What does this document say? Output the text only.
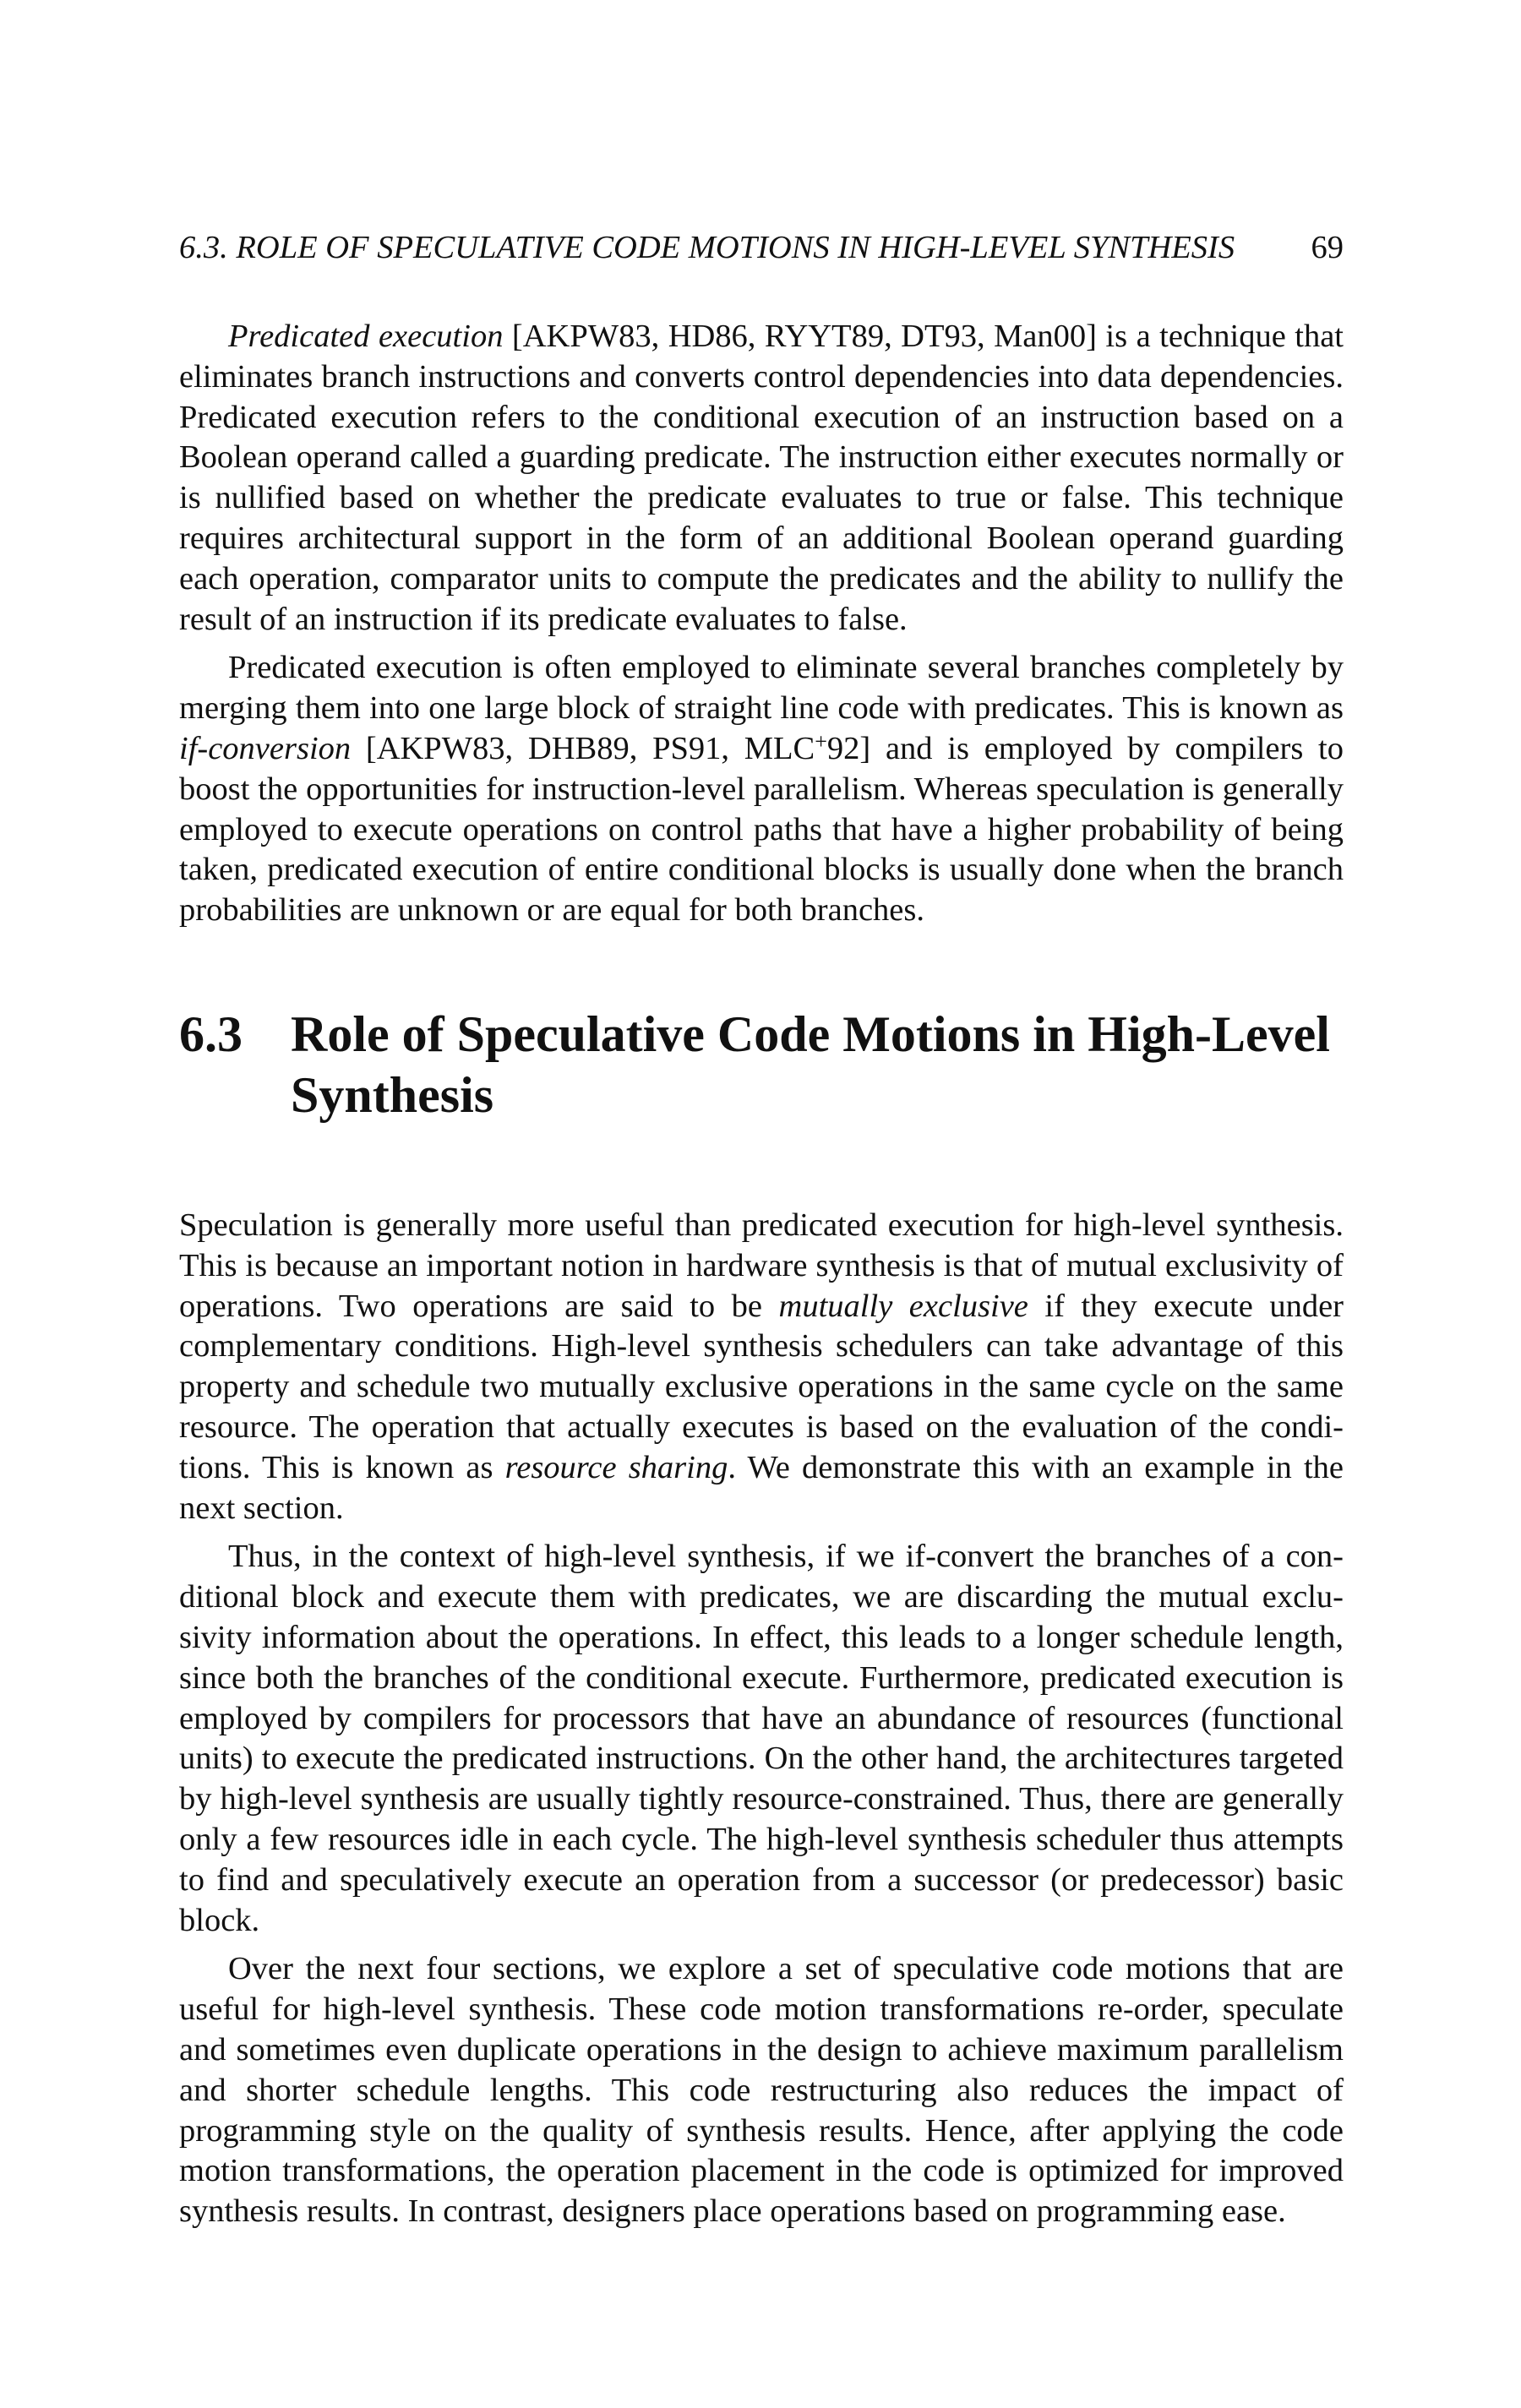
6.3. ROLE OF SPECULATIVE CODE MOTIONS IN HIGH-LEVEL SYNTHESIS 69

Predicated execution [AKPW83, HD86, RYYT89, DT93, Man00] is a technique that eliminates branch instructions and converts control dependencies into data dependencies. Predicated execution refers to the conditional execution of an instruction based on a Boolean operand called a guarding predicate. The instruction either executes normally or is nullified based on whether the predicate evaluates to true or false. This technique requires architectural support in the form of an additional Boolean operand guarding each operation, comparator units to compute the predicates and the ability to nullify the result of an instruction if its predicate evaluates to false.

Predicated execution is often employed to eliminate several branches completely by merging them into one large block of straight line code with predicates. This is known as if-conversion [AKPW83, DHB89, PS91, MLC+92] and is employed by compilers to boost the opportunities for instruction-level parallelism. Whereas speculation is generally employed to execute operations on control paths that have a higher probability of being taken, predicated execution of entire conditional blocks is usually done when the branch probabilities are unknown or are equal for both branches.

6.3 Role of Speculative Code Motions in High-Level Synthesis

Speculation is generally more useful than predicated execution for high-level synthesis. This is because an important notion in hardware synthesis is that of mutual exclusivity of operations. Two operations are said to be mutually exclusive if they execute under complementary conditions. High-level synthesis schedulers can take advantage of this property and schedule two mutually exclusive operations in the same cycle on the same resource. The operation that actually executes is based on the evaluation of the conditions. This is known as resource sharing. We demonstrate this with an example in the next section.

Thus, in the context of high-level synthesis, if we if-convert the branches of a conditional block and execute them with predicates, we are discarding the mutual exclusivity information about the operations. In effect, this leads to a longer schedule length, since both the branches of the conditional execute. Furthermore, predicated execution is employed by compilers for processors that have an abundance of resources (functional units) to execute the predicated instructions. On the other hand, the architectures targeted by high-level synthesis are usually tightly resource-constrained. Thus, there are generally only a few resources idle in each cycle. The high-level synthesis scheduler thus attempts to find and speculatively execute an operation from a successor (or predecessor) basic block.

Over the next four sections, we explore a set of speculative code motions that are useful for high-level synthesis. These code motion transformations re-order, speculate and sometimes even duplicate operations in the design to achieve maximum parallelism and shorter schedule lengths. This code restructuring also reduces the impact of programming style on the quality of synthesis results. Hence, after applying the code motion transformations, the operation placement in the code is optimized for improved synthesis results. In contrast, designers place operations based on programming ease.
